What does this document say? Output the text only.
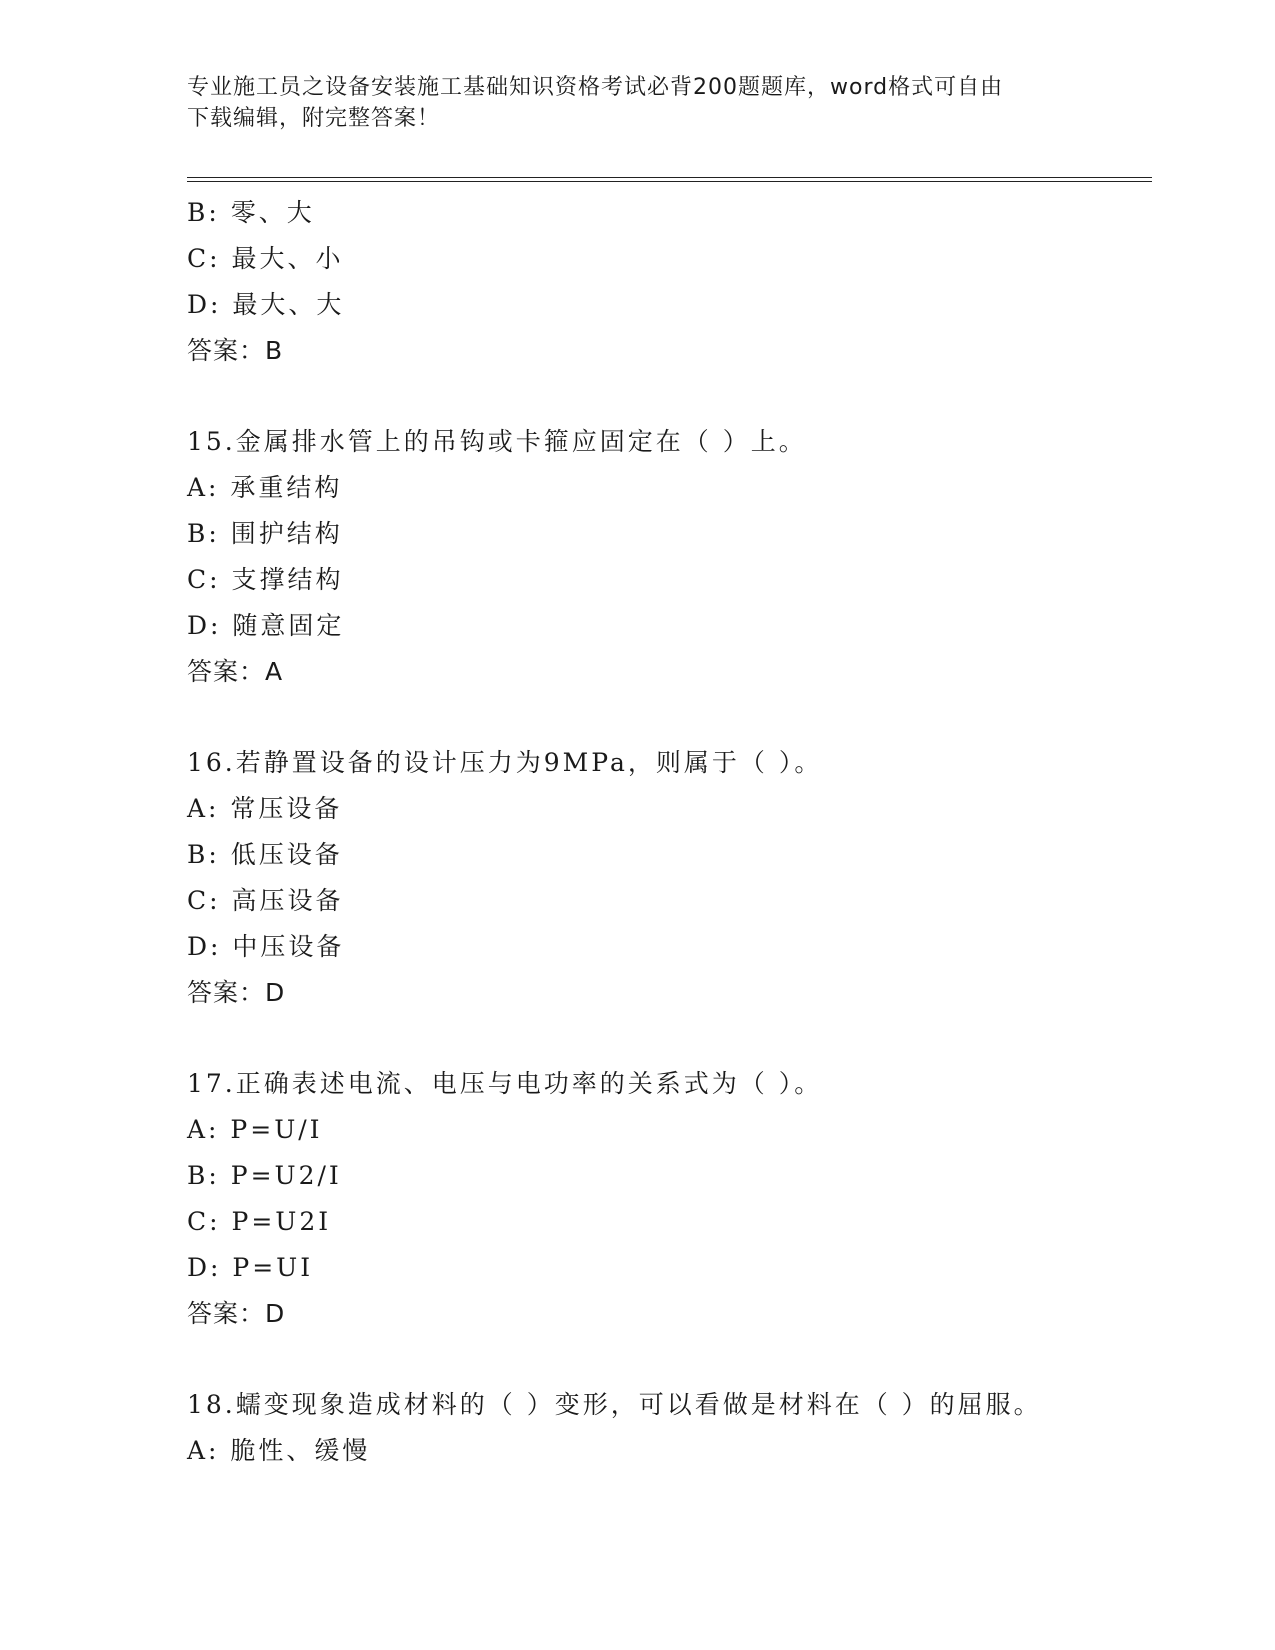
专业施工员之设备安装施工基础知识资格考试必背200题题库，word格式可自由
下载编辑，附完整答案！
B: 零、大
C: 最大、小
D: 最大、大
答案：B
15.金属排水管上的吊钩或卡箍应固定在（ ）上。
A: 承重结构
B: 围护结构
C: 支撑结构
D: 随意固定
答案：A
16.若静置设备的设计压力为9MPa，则属于（ ）。
A: 常压设备
B: 低压设备
C: 高压设备
D: 中压设备
答案：D
17.正确表述电流、电压与电功率的关系式为（ ）。
A: P=U/I
B: P=U2/I
C: P=U2I
D: P=UI
答案：D
18.蠕变现象造成材料的（ ）变形，可以看做是材料在（ ）的屈服。
A: 脆性、缓慢
